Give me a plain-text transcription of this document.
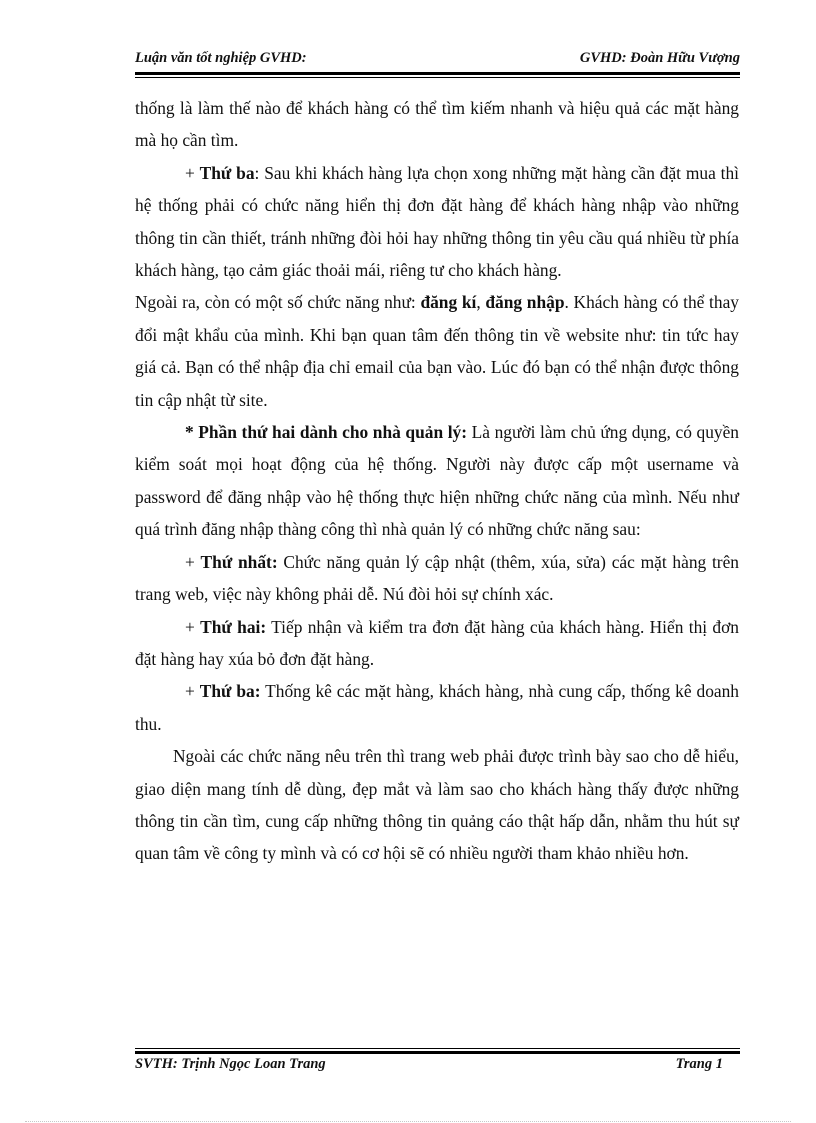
Luận văn tốt nghiệp GVHD:	GVHD: Đoàn Hữu Vượng

thống là làm thế nào để khách hàng có thể tìm kiếm nhanh và hiệu quả các mặt hàng mà họ cần tìm.

+ Thứ ba: Sau khi khách hàng lựa chọn xong những mặt hàng cần đặt mua thì hệ thống phải có chức năng hiển thị đơn đặt hàng để khách hàng nhập vào những thông tin cần thiết, tránh những đòi hỏi hay những thông tin yêu cầu quá nhiều từ phía khách hàng, tạo cảm giác thoải mái, riêng tư cho khách hàng.

Ngoài ra, còn có một số chức năng như: đăng kí, đăng nhập. Khách hàng có thể thay đổi mật khẩu của mình. Khi bạn quan tâm đến thông tin về website như: tin tức hay giá cả. Bạn có thể nhập địa chỉ email của bạn vào. Lúc đó bạn có thể nhận được thông tin cập nhật từ site.

* Phần thứ hai dành cho nhà quản lý: Là người làm chủ ứng dụng, có quyền kiểm soát mọi hoạt động của hệ thống. Người này được cấp một username và password để đăng nhập vào hệ thống thực hiện những chức năng của mình. Nếu như quá trình đăng nhập thàng công thì nhà quản lý có những chức năng sau:

+ Thứ nhất: Chức năng quản lý cập nhật (thêm, xúa, sửa) các mặt hàng trên trang web, việc này không phải dễ. Nú đòi hỏi sự chính xác.

+ Thứ hai: Tiếp nhận và kiểm tra đơn đặt hàng của khách hàng. Hiển thị đơn đặt hàng hay xúa bỏ đơn đặt hàng.

+ Thứ ba: Thống kê các mặt hàng, khách hàng, nhà cung cấp, thống kê doanh thu.

Ngoài các chức năng nêu trên thì trang web phải được trình bày sao cho dễ hiểu, giao diện mang tính dễ dùng, đẹp mắt và làm sao cho khách hàng thấy được những thông tin cần tìm, cung cấp những thông tin quảng cáo thật hấp dẫn, nhằm thu hút sự quan tâm về công ty mình và có cơ hội sẽ có nhiều người tham khảo nhiều hơn.

SVTH: Trịnh Ngọc Loan Trang	Trang 1
